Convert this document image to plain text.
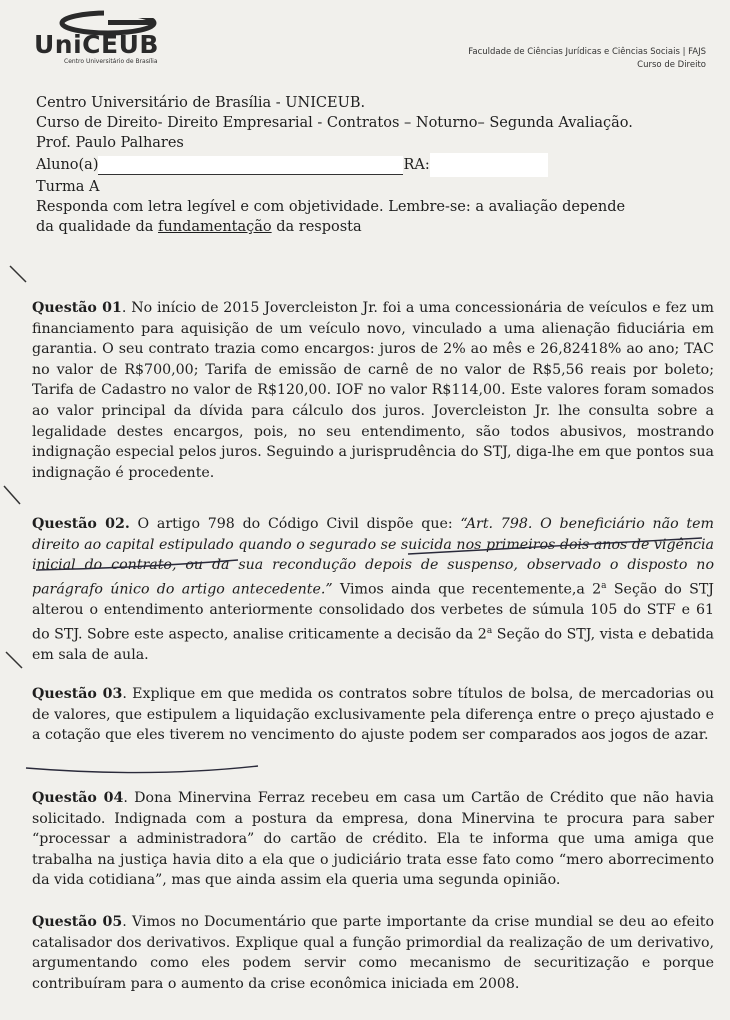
UniCEUB
Centro Universitário de Brasília
Faculdade de Ciências Jurídicas e Ciências Sociais | FAJS
Curso de Direito
Centro Universitário de Brasília - UNICEUB.
Curso de Direito- Direito Empresarial - Contratos – Noturno– Segunda Avaliação.
Prof. Paulo Palhares
Aluno(a)	RA:
Turma A
Responda com letra legível e com objetividade. Lembre-se: a avaliação depende
da qualidade da fundamentação da resposta
Questão 01. No início de 2015 Jovercleiston Jr. foi a uma concessionária de veículos e fez um financiamento para aquisição de um veículo novo, vinculado a uma alienação fiduciária em garantia. O seu contrato trazia como encargos: juros de 2% ao mês e 26,82418% ao ano; TAC no valor de R$700,00; Tarifa de emissão de carnê de no valor de R$5,56 reais por boleto; Tarifa de Cadastro no valor de R$120,00. IOF no valor R$114,00. Este valores foram somados ao valor principal da dívida para cálculo dos juros. Jovercleiston Jr. lhe consulta sobre a legalidade destes encargos, pois, no seu entendimento, são todos abusivos, mostrando indignação especial pelos juros. Seguindo a jurisprudência do STJ, diga-lhe em que pontos sua indignação é procedente.
Questão 02. O artigo 798 do Código Civil dispõe que: “Art. 798. O beneficiário não tem direito ao capital estipulado quando o segurado se suicida nos primeiros dois anos de vigência inicial do contrato, ou da sua recondução depois de suspenso, observado o disposto no parágrafo único do artigo antecedente.” Vimos ainda que recentemente,a 2$^a$ Seção do STJ alterou o entendimento anteriormente consolidado dos verbetes de súmula 105 do STF e 61 do STJ. Sobre este aspecto, analise criticamente a decisão da 2$^a$ Seção do STJ, vista e debatida em sala de aula.
Questão 03. Explique em que medida os contratos sobre títulos de bolsa, de mercadorias ou de valores, que estipulem a liquidação exclusivamente pela diferença entre o preço ajustado e a cotação que eles tiverem no vencimento do ajuste podem ser comparados aos jogos de azar.
Questão 04. Dona Minervina Ferraz recebeu em casa um Cartão de Crédito que não havia solicitado. Indignada com a postura da empresa, dona Minervina te procura para saber “processar a administradora” do cartão de crédito. Ela te informa que uma amiga que trabalha na justiça havia dito a ela que o judiciário trata esse fato como “mero aborrecimento da vida cotidiana”, mas que ainda assim ela queria uma segunda opinião.
Questão 05. Vimos no Documentário que parte importante da crise mundial se deu ao efeito catalisador dos derivativos. Explique qual a função primordial da realização de um derivativo, argumentando como eles podem servir como mecanismo de securitização e porque contribuíram para o aumento da crise econômica iniciada em 2008.
